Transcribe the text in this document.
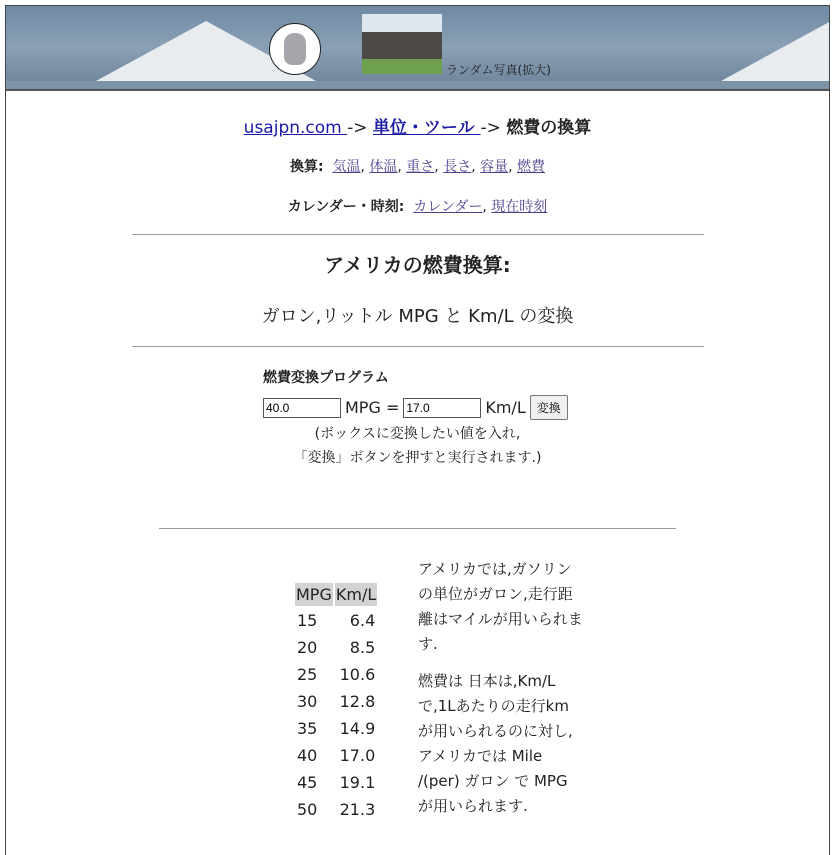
ランダム写真(拡大)
usajpn.com -> 単位・ツール -> 燃費の換算
換算: 気温, 体温, 重さ, 長さ, 容量, 燃費
カレンダー・時刻: カレンダー, 現在時刻
アメリカの燃費換算:
ガロン,リットル MPG と Km/L の変換
燃費変換プログラム
40.0
MPG =
17.0	Km/L 変換
(ボックスに変換したい値を入れ,
「変換」ボタンを押すと実行されます.)
MPG	Km/L
15	6.4
20	8.5
25	10.6
30	12.8
35	14.9
40	17.0
45	19.1
50	21.3

アメリカでは,ガソリンの単位がガロン,走行距離はマイルが用いられます.

燃費は 日本は,Km/Lで,1Lあたりの走行kmが用いられるのに対し,アメリカでは Mile /(per) ガロン で MPG が用いられます.
